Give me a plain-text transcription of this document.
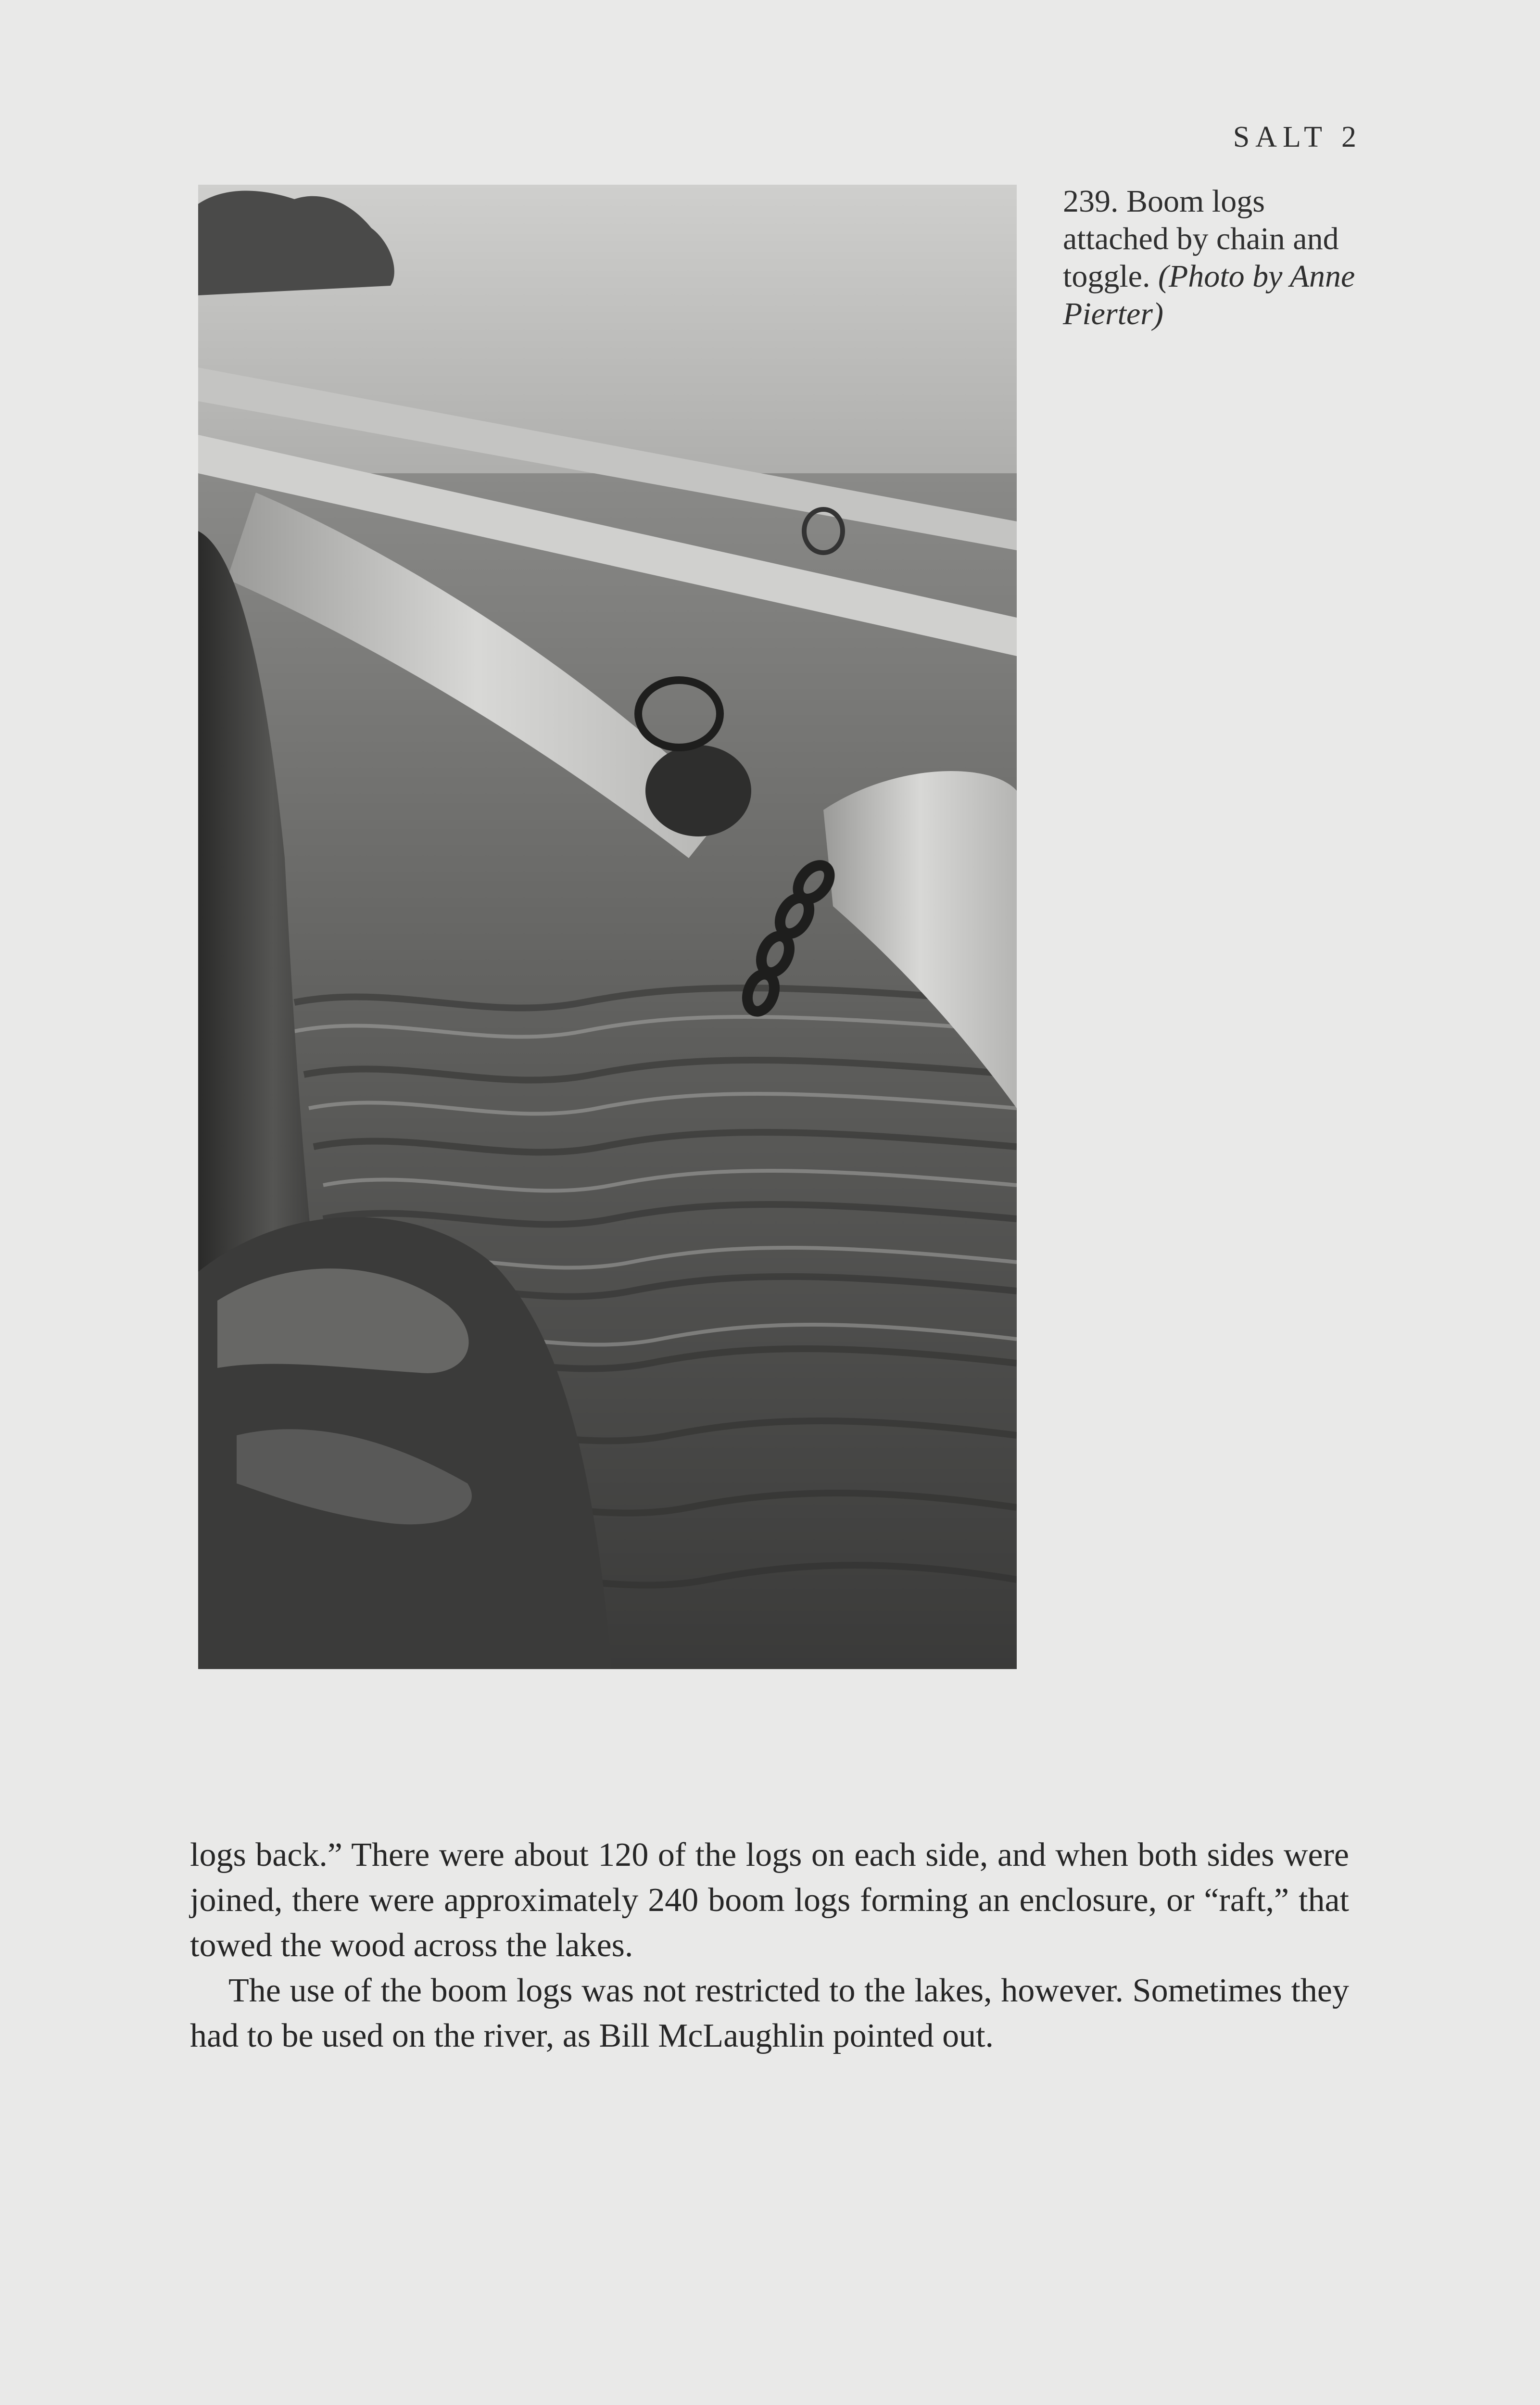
SALT 2
239. Boom logs attached by chain and toggle. (Photo by Anne Pierter)

logs back.” There were about 120 of the logs on each side, and when both sides were joined, there were approximately 240 boom logs forming an enclosure, or “raft,” that towed the wood across the lakes.

The use of the boom logs was not restricted to the lakes, however. Sometimes they had to be used on the river, as Bill McLaughlin pointed out.
